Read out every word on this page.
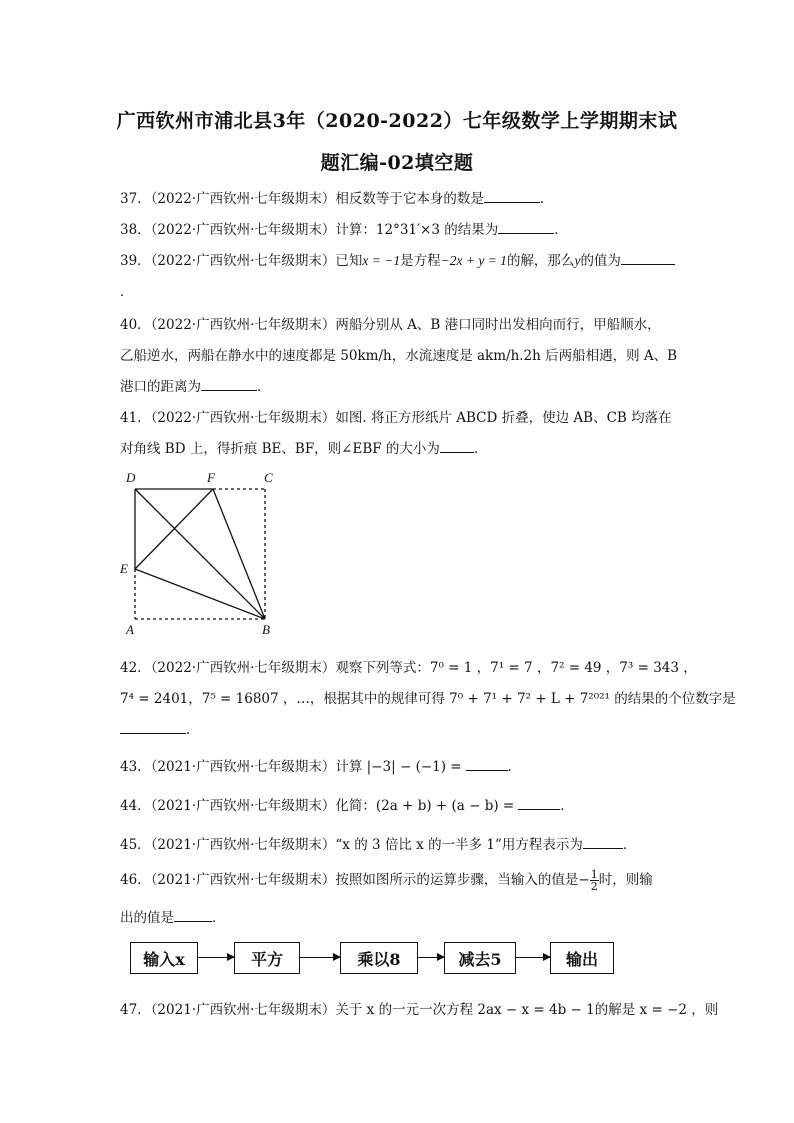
广西钦州市浦北县3年（2020-2022）七年级数学上学期期末试
题汇编-02填空题
37．（2022·广西钦州·七年级期末）相反数等于它本身的数是	．
38．（2022·广西钦州·七年级期末）计算：12°31′×3 的结果为	．
39．（2022·广西钦州·七年级期末）已知x = −1是方程−2x + y = 1的解，那么y的值为
．
40．（2022·广西钦州·七年级期末）两船分别从 A、B 港口同时出发相向而行，甲船顺水，
乙船逆水，两船在静水中的速度都是 50km/h，水流速度是 akm/h.2h 后两船相遇，则 A、B
港口的距离为	．
41．（2022·广西钦州·七年级期末）如图. 将正方形纸片 ABCD 折叠，使边 AB、CB 均落在
对角线 BD 上，得折痕 BE、BF，则∠EBF 的大小为	．
D	F	C
E
A	B
42．（2022·广西钦州·七年级期末）观察下列等式：7⁰ = 1 ，7¹ = 7 ，7² = 49 ，7³ = 343 ，
7⁴ = 2401，7⁵ = 16807 ，…，根据其中的规律可得 7⁰ + 7¹ + 7² + L + 7²⁰²¹ 的结果的个位数字是
．
43．（2021·广西钦州·七年级期末）计算 |−3| − (−1) =	．
44．（2021·广西钦州·七年级期末）化简：(2a + b) + (a − b) =	．
45．（2021·广西钦州·七年级期末）“x 的 3 倍比 x 的一半多 1”用方程表示为	．
46．（2021·广西钦州·七年级期末）按照如图所示的运算步骤，当输入的值是− $\frac{1}{2}$ 时，则输
出的值是	．
输入x	平方	乘以8	减去5	输出
47．（2021·广西钦州·七年级期末）关于 x 的一元一次方程 2ax − x = 4b − 1的解是 x = −2 ，则
